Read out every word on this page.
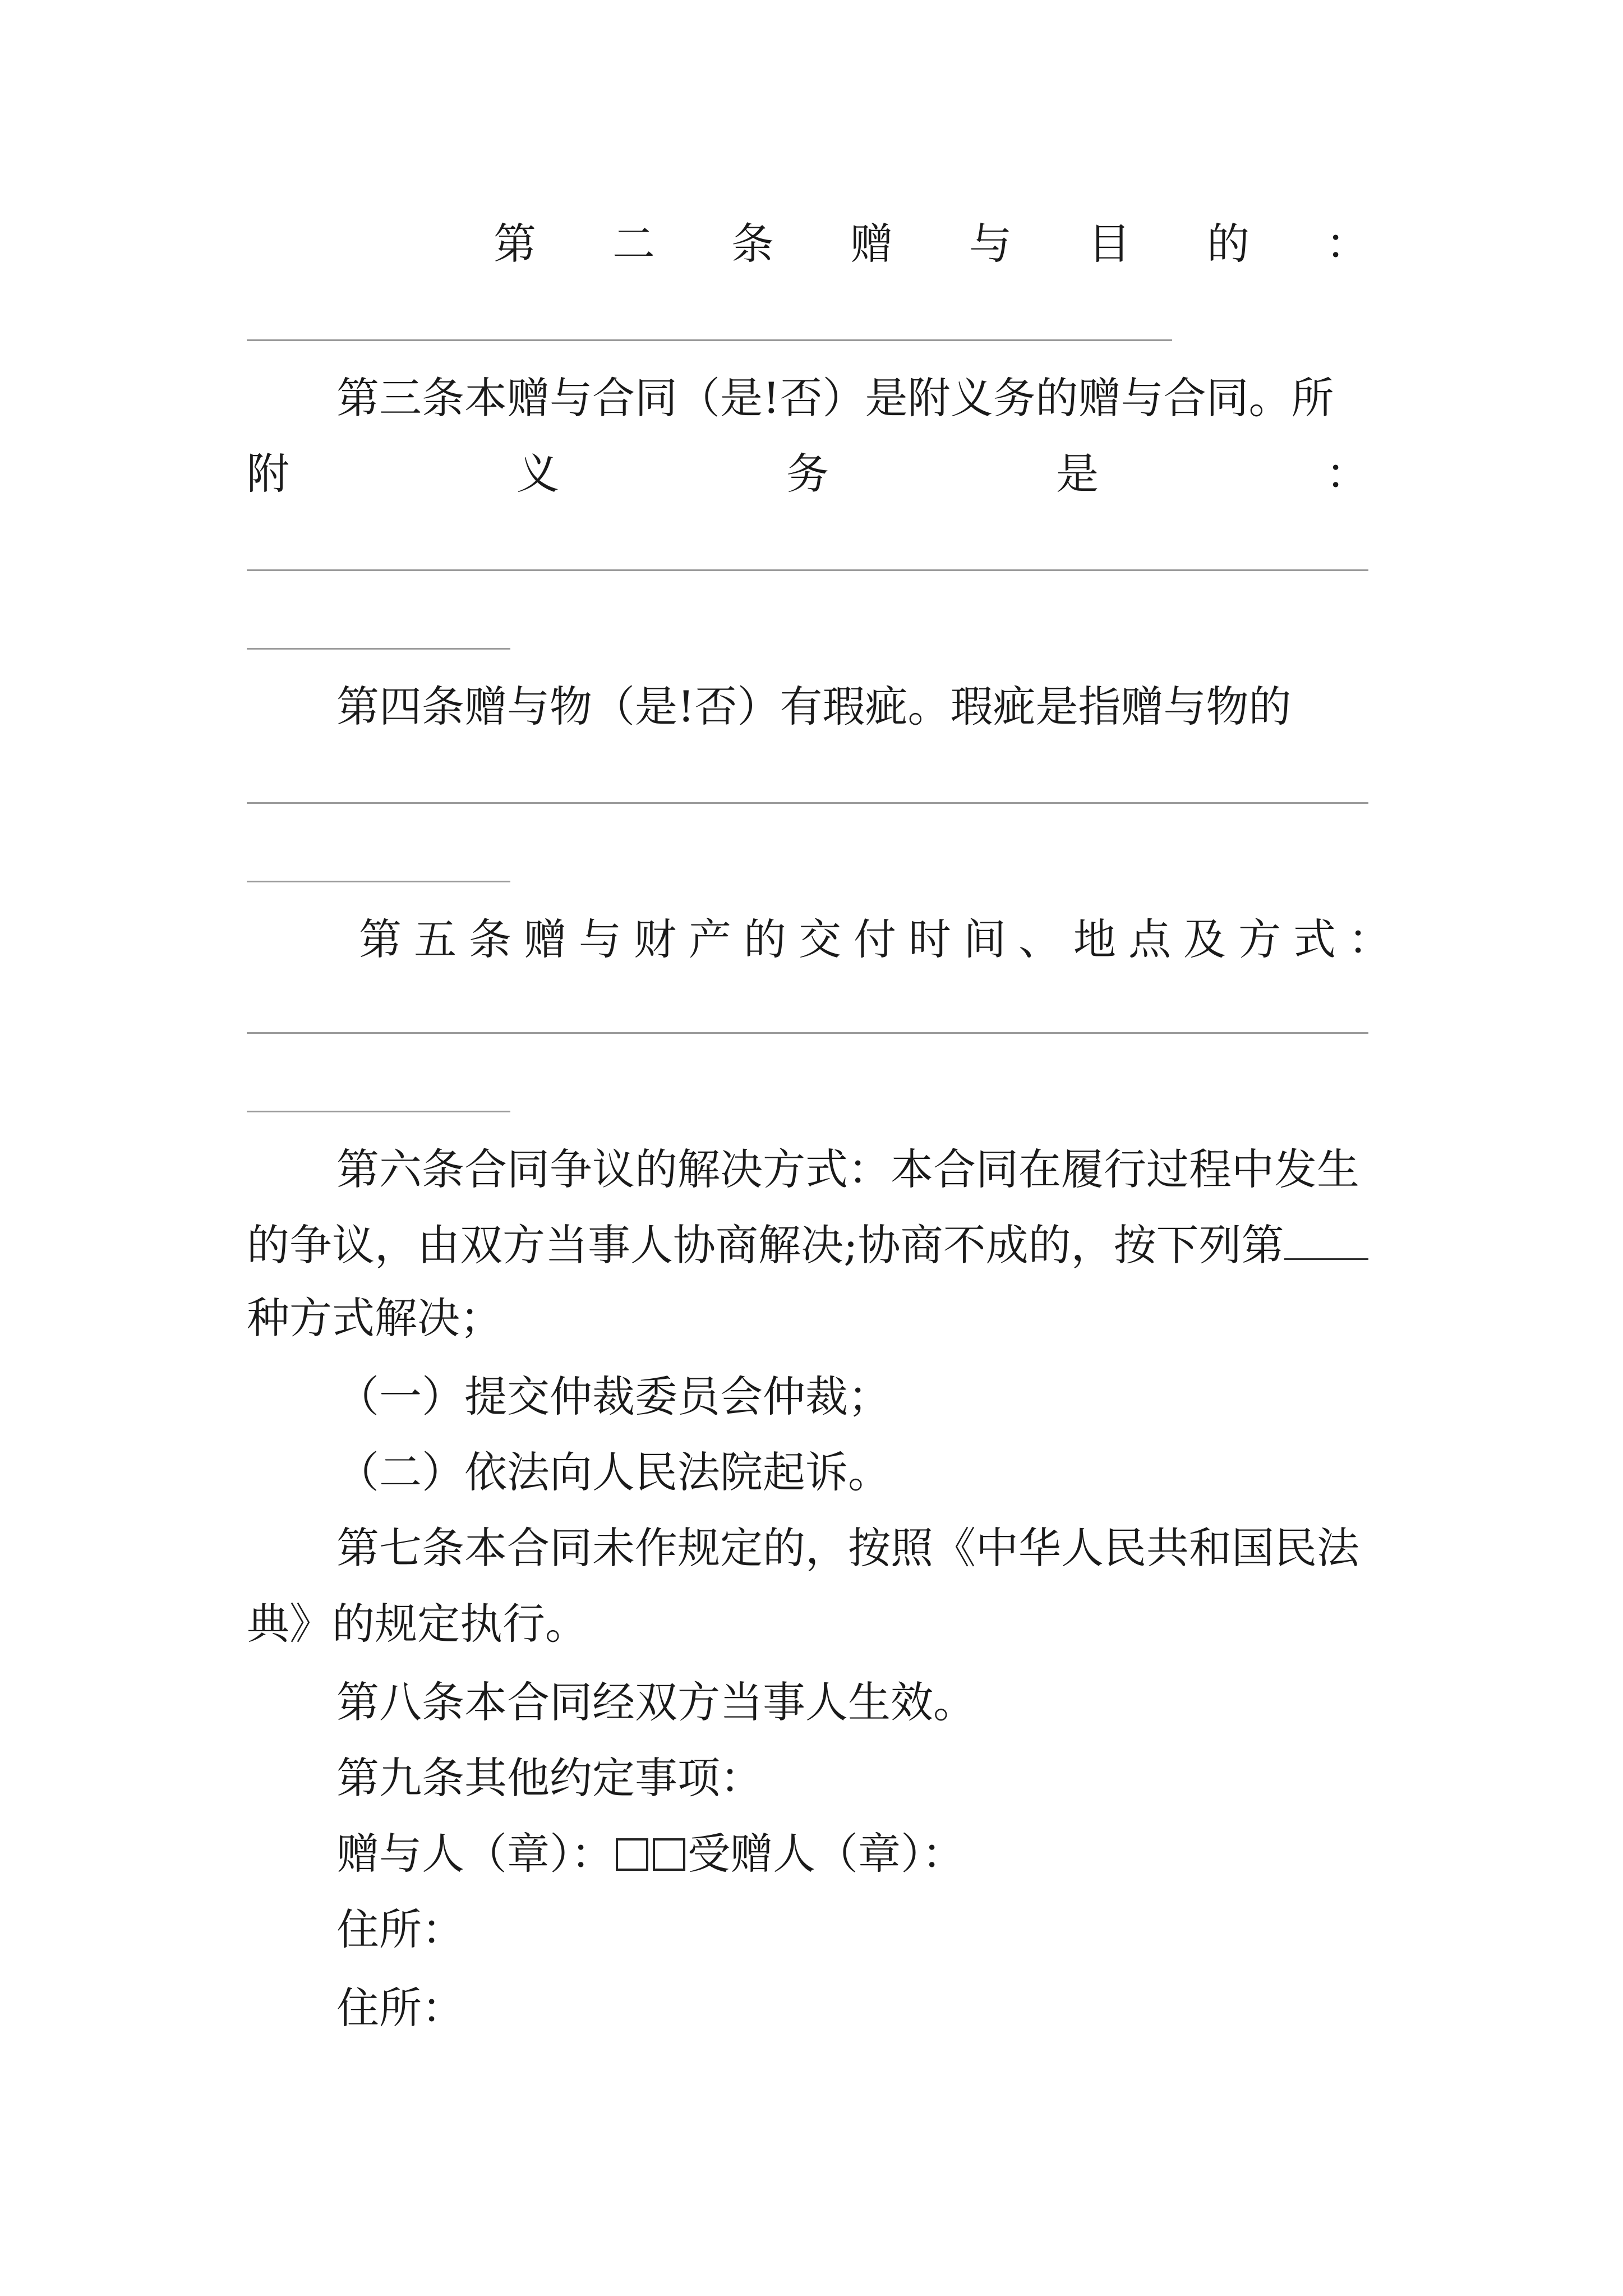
第 二 条 赠 与 目 的 ：
第三条本赠与合同（是!否）是附义务的赠与合同。所
附	义	务	是	：
第四条赠与物（是!否）有瑕疵。瑕疵是指赠与物的
第五条赠与财产的交付时间、地点及方式：
第六条合同争议的解决方式：本合同在履行过程中发生
的争议，由双方当事人协商解决;协商不成的，按下列第
种方式解决；
（一）提交仲裁委员会仲裁；
（二）依法向人民法院起诉。
第七条本合同未作规定的，按照《中华人民共和国民法
典》的规定执行。
第八条本合同经双方当事人生效。
第九条其他约定事项：
赠与人（章）： 受赠人（章）：
住所：
住所：
